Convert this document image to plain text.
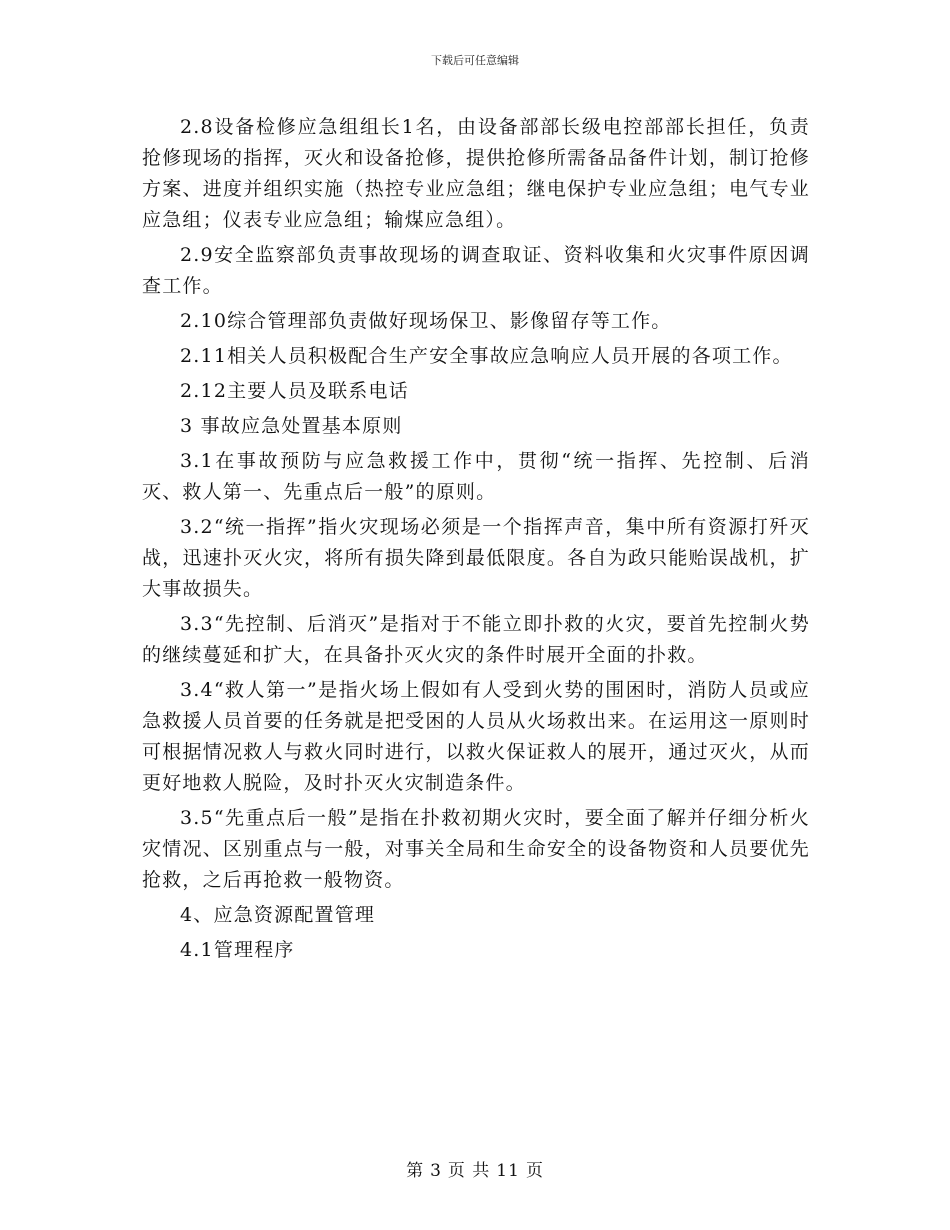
下载后可任意编辑

2.8设备检修应急组组长1名，由设备部部长级电控部部长担任，负责抢修现场的指挥，灭火和设备抢修，提供抢修所需备品备件计划，制订抢修方案、进度并组织实施（热控专业应急组；继电保护专业应急组；电气专业应急组；仪表专业应急组；输煤应急组）。

2.9安全监察部负责事故现场的调查取证、资料收集和火灾事件原因调查工作。

2.10综合管理部负责做好现场保卫、影像留存等工作。

2.11相关人员积极配合生产安全事故应急响应人员开展的各项工作。

2.12主要人员及联系电话

3 事故应急处置基本原则

3.1在事故预防与应急救援工作中，贯彻“统一指挥、先控制、后消灭、救人第一、先重点后一般”的原则。

3.2“统一指挥”指火灾现场必须是一个指挥声音，集中所有资源打歼灭战，迅速扑灭火灾，将所有损失降到最低限度。各自为政只能贻误战机，扩大事故损失。

3.3“先控制、后消灭”是指对于不能立即扑救的火灾，要首先控制火势的继续蔓延和扩大，在具备扑灭火灾的条件时展开全面的扑救。

3.4“救人第一”是指火场上假如有人受到火势的围困时，消防人员或应急救援人员首要的任务就是把受困的人员从火场救出来。在运用这一原则时可根据情况救人与救火同时进行，以救火保证救人的展开，通过灭火，从而更好地救人脱险，及时扑灭火灾制造条件。

3.5“先重点后一般”是指在扑救初期火灾时，要全面了解并仔细分析火灾情况、区别重点与一般，对事关全局和生命安全的设备物资和人员要优先抢救，之后再抢救一般物资。

4、应急资源配置管理

4.1管理程序

第 3 页 共 11 页
